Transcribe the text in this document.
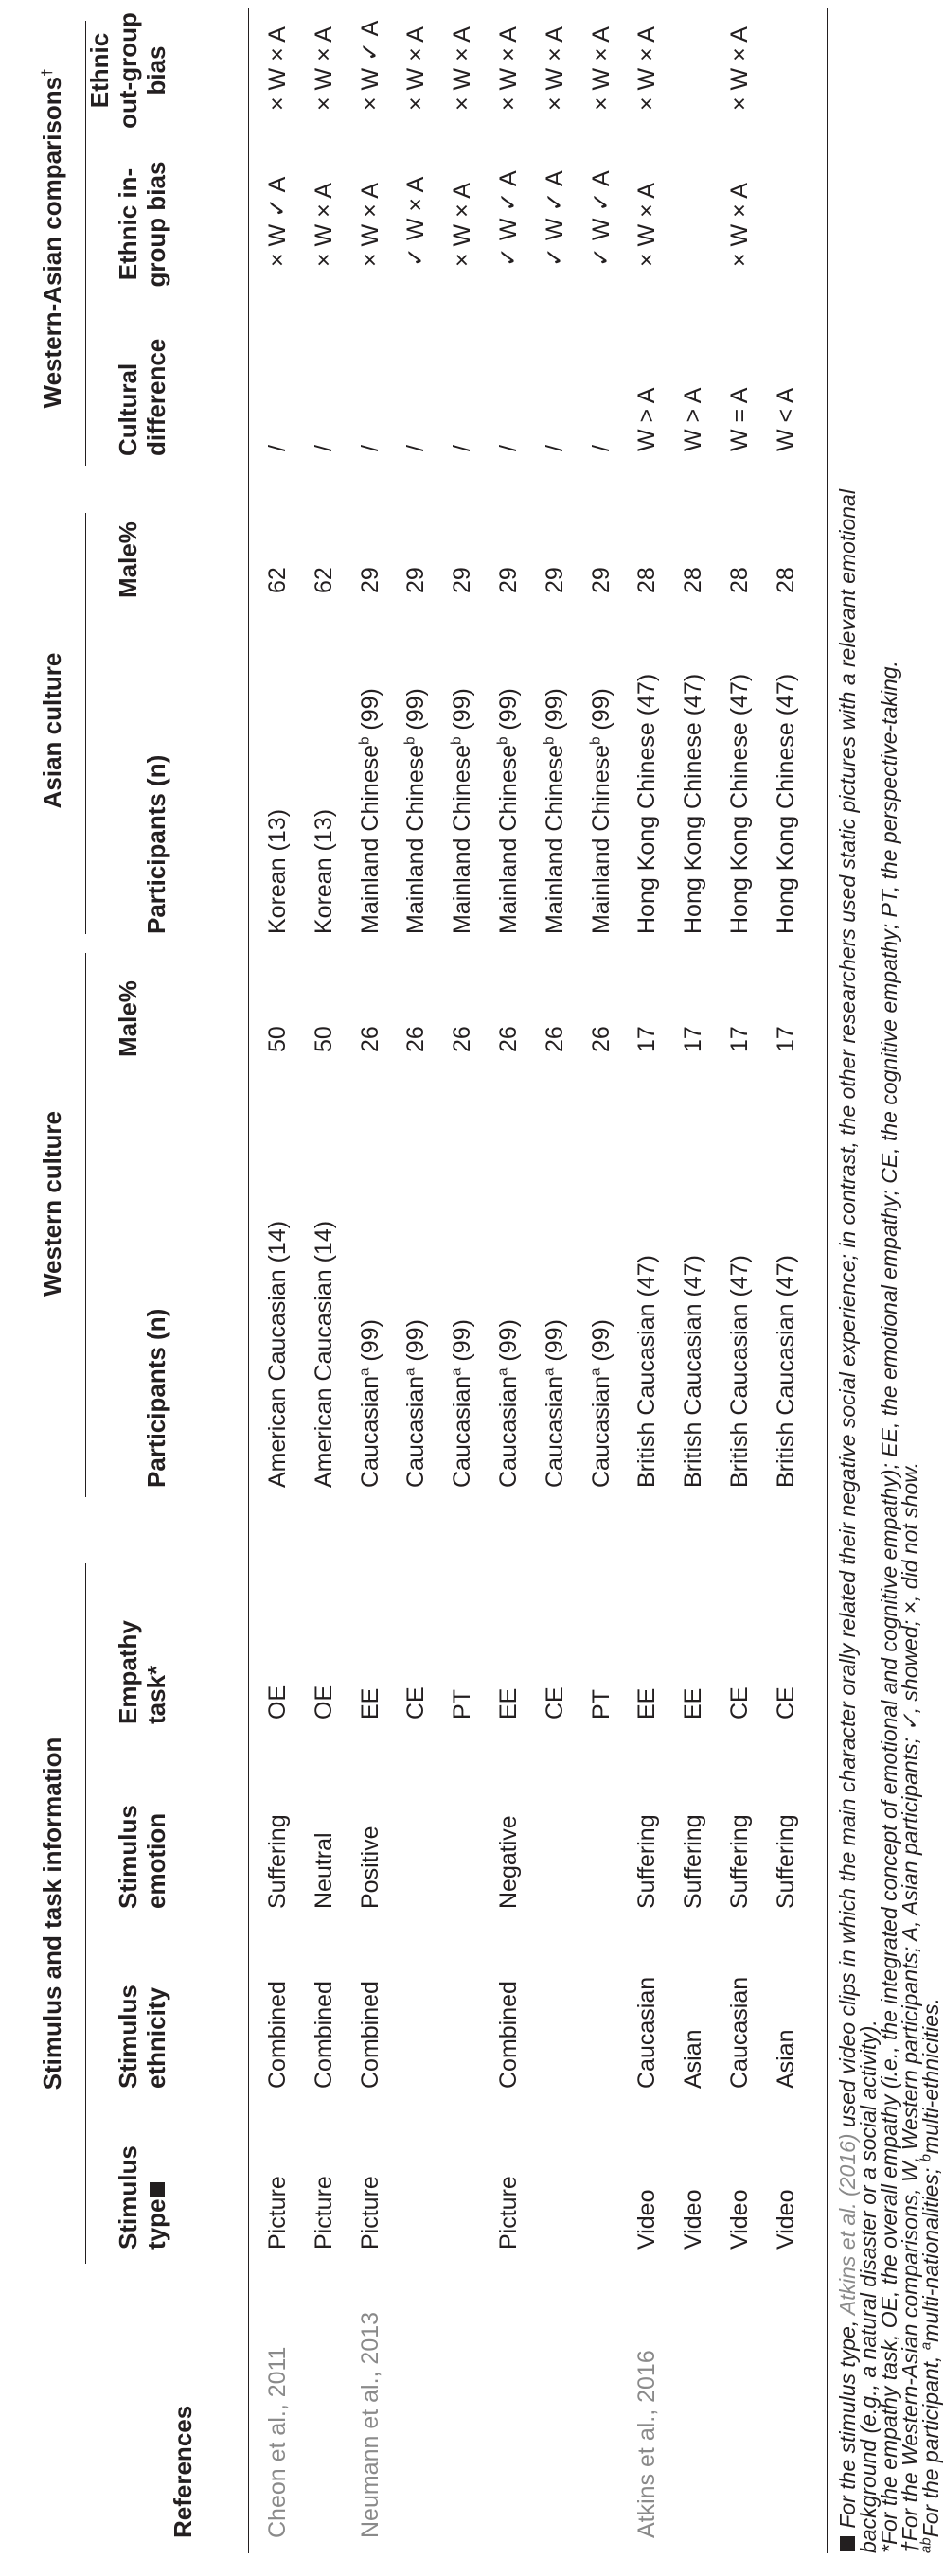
Stimulus and task information
Western culture
Asian culture
Western-Asian comparisons†
References
Stimulus type
Stimulus ethnicity
Stimulus emotion
Empathy task*
Participants (n)
Male%
Participants (n)
Male%
Cultural difference
Ethnic in-group bias
Ethnic out-group bias
Cheon et al., 2011
Picture
Combined
Suffering
OE
American Caucasian (14)
50
Korean (13)
62
/
× W ✓ A
× W × A
Picture
Combined
Neutral
OE
American Caucasian (14)
50
Korean (13)
62
/
× W × A
× W × A
Neumann et al., 2013
Picture
Combined
Positive
EE
Caucasian$^a$ (99)
26
Mainland Chinese$^b$ (99)
29
/
× W × A
× W ✓ A
CE
Caucasian$^a$ (99)
26
Mainland Chinese$^b$ (99)
29
/
✓ W × A
× W × A
PT
Caucasian$^a$ (99)
26
Mainland Chinese$^b$ (99)
29
/
× W × A
× W × A
Picture
Combined
Negative
EE
Caucasian$^a$ (99)
26
Mainland Chinese$^b$ (99)
29
/
✓ W ✓ A
× W × A
CE
Caucasian$^a$ (99)
26
Mainland Chinese$^b$ (99)
29
/
✓ W ✓ A
× W × A
PT
Caucasian$^a$ (99)
26
Mainland Chinese$^b$ (99)
29
/
✓ W ✓ A
× W × A
Atkins et al., 2016
Video
Caucasian
Suffering
EE
British Caucasian (47)
17
Hong Kong Chinese (47)
28
W > A
× W × A
× W × A
Video
Asian
Suffering
EE
British Caucasian (47)
17
Hong Kong Chinese (47)
28
W > A
Video
Caucasian
Suffering
CE
British Caucasian (47)
17
Hong Kong Chinese (47)
28
W = A
× W × A
× W × A
Video
Asian
Suffering
CE
British Caucasian (47)
17
Hong Kong Chinese (47)
28
W < A
For the stimulus type, Atkins et al. (2016) used video clips in which the main character orally related their negative social experience; in contrast, the other researchers used static pictures with a relevant emotional
background (e.g., a natural disaster or a social activity).
*For the empathy task, OE, the overall empathy (i.e., the integrated concept of emotional and cognitive empathy); EE, the emotional empathy; CE, the cognitive empathy; PT, the perspective-taking.
†For the Western-Asian comparisons, W, Western participants; A, Asian participants; ✓, showed; ×, did not show.
$^{ab}$For the participant, $^a$multi-nationalities; $^b$multi-ethnicities.
